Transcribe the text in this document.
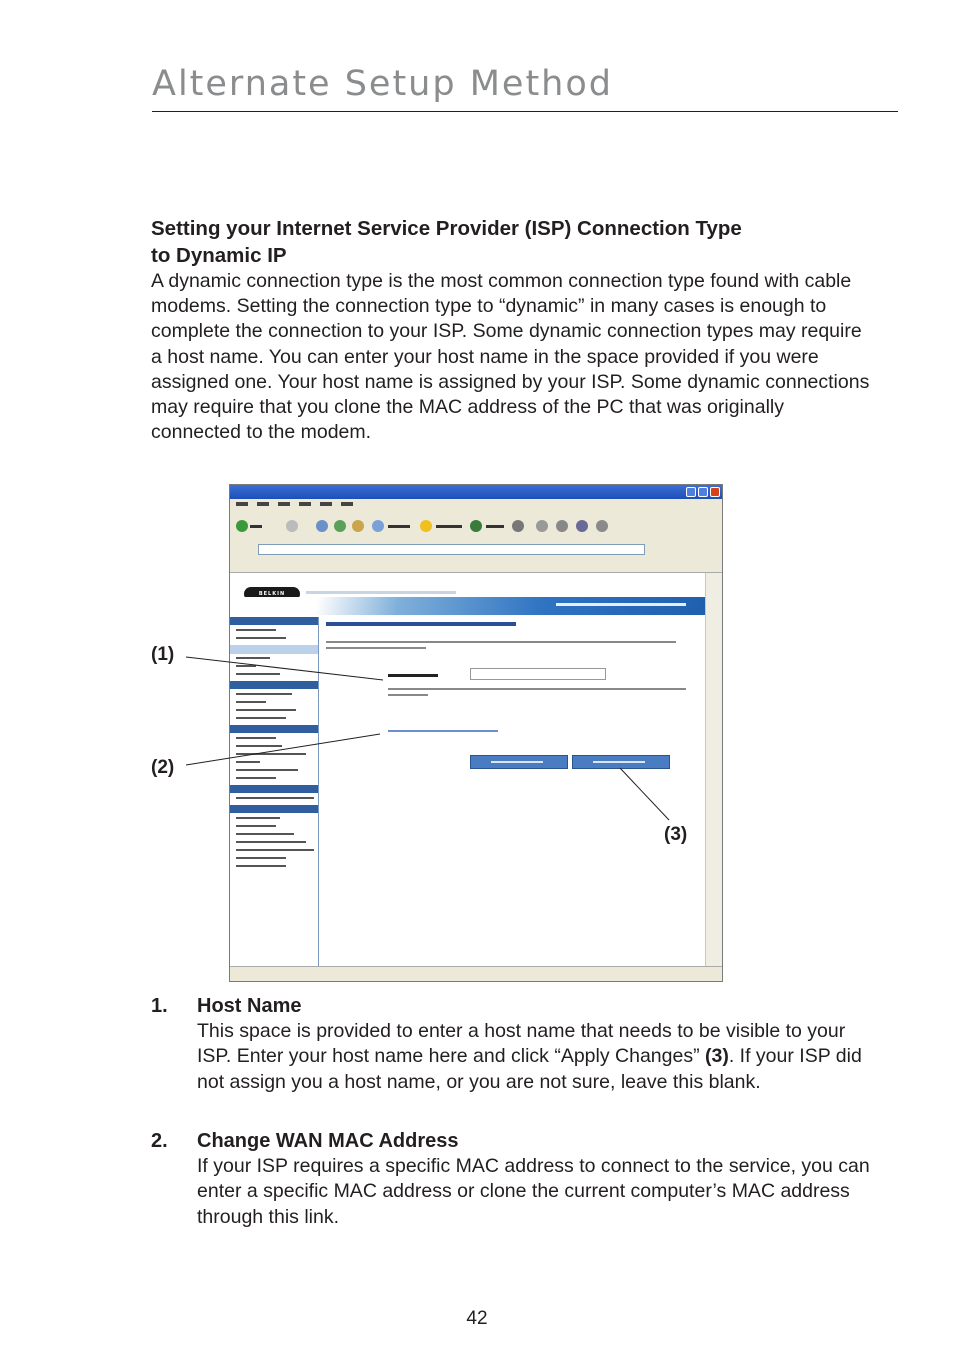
Alternate Setup Method
Setting your Internet Service Provider (ISP) Connection Type
to Dynamic IP

A dynamic connection type is the most common connection type found with cable modems. Setting the connection type to “dynamic” in many cases is enough to complete the connection to your ISP. Some dynamic connection types may require a host name. You can enter your host name in the space provided if you were assigned one. Your host name is assigned by your ISP. Some dynamic connections may require that you clone the MAC address of the PC that was originally connected to the modem.

BELKIN

(1)

(2)

(3)

1. Host Name

This space is provided to enter a host name that needs to be visible to your ISP. Enter your host name here and click “Apply Changes” (3). If your ISP did not assign you a host name, or you are not sure, leave this blank.

2. Change WAN MAC Address

If your ISP requires a specific MAC address to connect to the service, you can enter a specific MAC address or clone the current computer’s MAC address through this link.

42
